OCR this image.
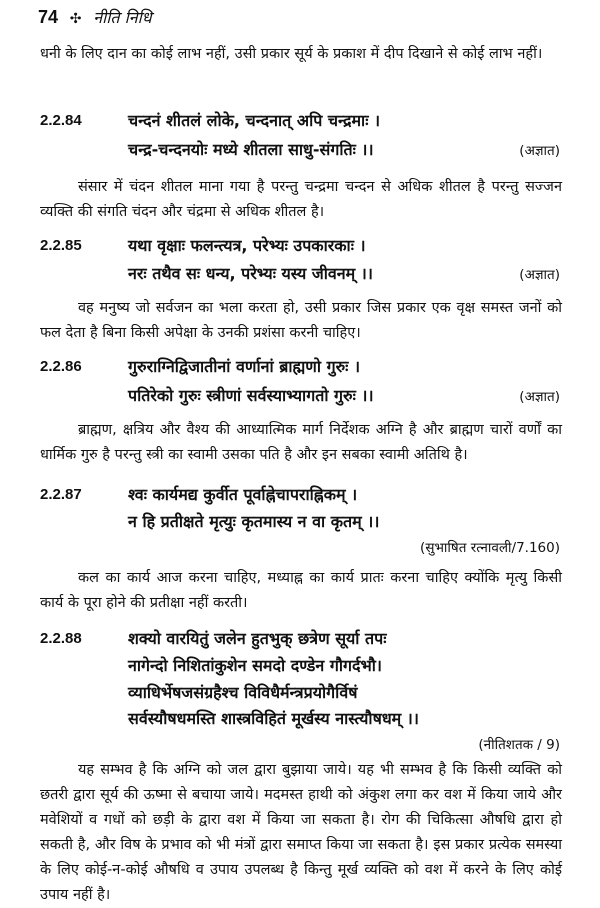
74 ✣ नीति निधि
धनी के लिए दान का कोई लाभ नहीं, उसी प्रकार सूर्य के प्रकाश में दीप दिखाने से कोई लाभ नहीं।
2.2.84	चन्दनं शीतलं लोके, चन्दनात् अपि चन्द्रमाः ।
चन्द्र-चन्दनयोः मध्ये शीतला साधु-संगतिः ।।	(अज्ञात)
संसार में चंदन शीतल माना गया है परन्तु चन्द्रमा चन्दन से अधिक शीतल है परन्तु सज्जन व्यक्ति की संगति चंदन और चंद्रमा से अधिक शीतल है।
2.2.85	यथा वृक्षाः फलन्त्यत्र, परेभ्यः उपकारकाः ।
नरः तथैव सः धन्य, परेभ्यः यस्य जीवनम् ।।	(अज्ञात)
वह मनुष्य जो सर्वजन का भला करता हो, उसी प्रकार जिस प्रकार एक वृक्ष समस्त जनों को फल देता है बिना किसी अपेक्षा के उनकी प्रशंसा करनी चाहिए।
2.2.86	गुरुराग्निद्विजातीनां वर्णानां ब्राह्मणो गुरुः ।
पतिरेको गुरुः स्त्रीणां सर्वस्याभ्यागतो गुरुः ।।	(अज्ञात)
ब्राह्मण, क्षत्रिय और वैश्य की आध्यात्मिक मार्ग निर्देशक अग्नि है और ब्राह्मण चारों वर्णों का धार्मिक गुरु है परन्तु स्त्री का स्वामी उसका पति है और इन सबका स्वामी अतिथि है।
2.2.87	श्वः कार्यमद्य कुर्वीत पूर्वाह्नेचापराह्निकम् ।
न हि प्रतीक्षते मृत्युः कृतमास्य न वा कृतम् ।।
(सुभाषित रत्नावली/7.160)
कल का कार्य आज करना चाहिए, मध्याह्न का कार्य प्रातः करना चाहिए क्योंकि मृत्यु किसी कार्य के पूरा होने की प्रतीक्षा नहीं करती।
2.2.88	शक्यो वारयितुं जलेन हुतभुक् छत्रेण सूर्या तपः
नागेन्दो निशितांकुशेन समदो दण्डेन गौगर्दभौ।
व्याधिर्भेषजसंग्रहैश्च विविधैर्मन्त्रप्रयोगैर्विषं
सर्वस्यौषधमस्ति शास्त्रविहितं मूर्खस्य नास्त्यौषधम् ।।
(नीतिशतक / 9)
यह सम्भव है कि अग्नि को जल द्वारा बुझाया जाये। यह भी सम्भव है कि किसी व्यक्ति को छतरी द्वारा सूर्य की ऊष्मा से बचाया जाये। मदमस्त हाथी को अंकुश लगा कर वश में किया जाये और मवेशियों व गधों को छड़ी के द्वारा वश में किया जा सकता है। रोग की चिकित्सा औषधि द्वारा हो सकती है, और विष के प्रभाव को भी मंत्रों द्वारा समाप्त किया जा सकता है। इस प्रकार प्रत्येक समस्या के लिए कोई-न-कोई औषधि व उपाय उपलब्ध है किन्तु मूर्ख व्यक्ति को वश में करने के लिए कोई उपाय नहीं है।
